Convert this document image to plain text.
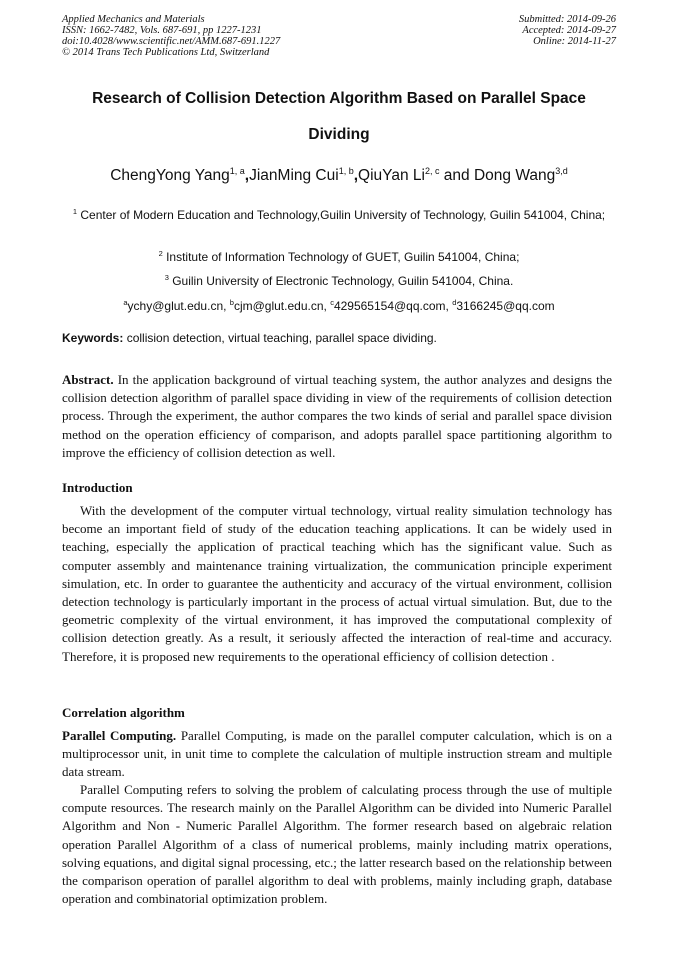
Applied Mechanics and Materials
ISSN: 1662-7482, Vols. 687-691, pp 1227-1231
doi:10.4028/www.scientific.net/AMM.687-691.1227
© 2014 Trans Tech Publications Ltd, Switzerland
Submitted: 2014-09-26
Accepted: 2014-09-27
Online: 2014-11-27
Research of Collision Detection Algorithm Based on Parallel Space
Dividing
ChengYong Yang$^{1, a}$,JianMing Cui$^{1, b}$,QiuYan Li$^{2, c}$ and Dong Wang$^{3,d}$
$^1$ Center of Modern Education and Technology,Guilin University of Technology, Guilin 541004, China;
$^2$ Institute of Information Technology of GUET, Guilin 541004, China;
$^3$ Guilin University of Electronic Technology, Guilin 541004, China.
$^a$ychy@glut.edu.cn, $^b$cjm@glut.edu.cn, $^c$429565154@qq.com, $^d$3166245@qq.com
Keywords: collision detection, virtual teaching, parallel space dividing.
Abstract. In the application background of virtual teaching system, the author analyzes and designs the collision detection algorithm of parallel space dividing in view of the requirements of collision detection process. Through the experiment, the author compares the two kinds of serial and parallel space division method on the operation efficiency of comparison, and adopts parallel space partitioning algorithm to improve the efficiency of collision detection as well.
Introduction
With the development of the computer virtual technology, virtual reality simulation technology has become an important field of study of the education teaching applications. It can be widely used in teaching, especially the application of practical teaching which has the significant value. Such as computer assembly and maintenance training virtualization, the communication principle experiment simulation, etc. In order to guarantee the authenticity and accuracy of the virtual environment, collision detection technology is particularly important in the process of actual virtual simulation. But, due to the geometric complexity of the virtual environment, it has improved the computational complexity of collision detection greatly. As a result, it seriously affected the interaction of real-time and accuracy. Therefore, it is proposed new requirements to the operational efficiency of collision detection .
Correlation algorithm
Parallel Computing. Parallel Computing, is made on the parallel computer calculation, which is on a multiprocessor unit, in unit time to complete the calculation of multiple instruction stream and multiple data stream.
Parallel Computing refers to solving the problem of calculating process through the use of multiple compute resources. The research mainly on the Parallel Algorithm can be divided into Numeric Parallel Algorithm and Non - Numeric Parallel Algorithm. The former research based on algebraic relation operation Parallel Algorithm of a class of numerical problems, mainly including matrix operations, solving equations, and digital signal processing, etc.; the latter research based on the relationship between the comparison operation of parallel algorithm to deal with problems, mainly including graph, database operation and combinatorial optimization problem.
